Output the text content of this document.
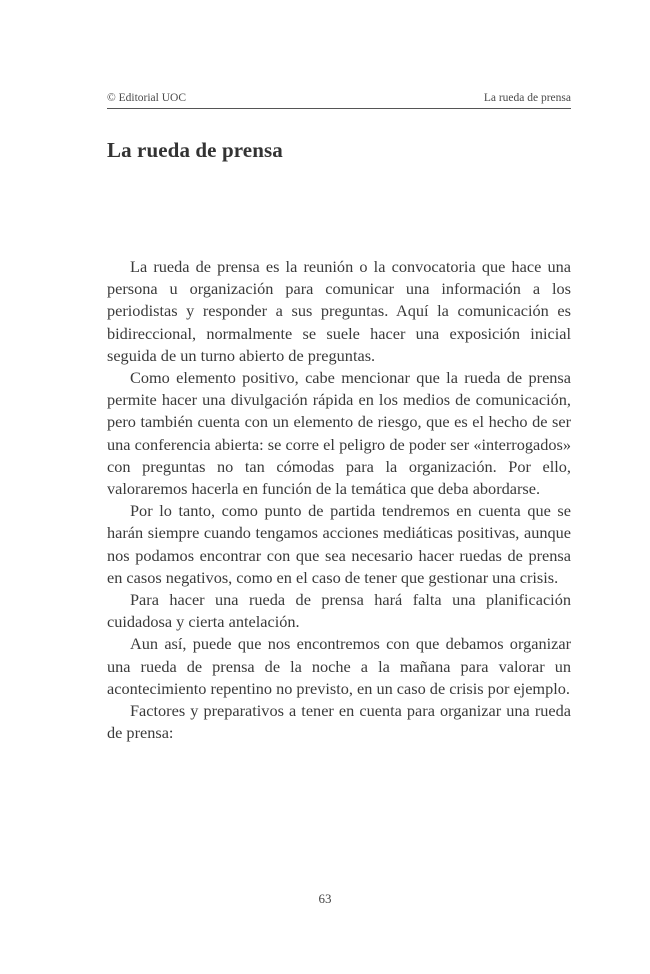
© Editorial UOC	La rueda de prensa
La rueda de prensa

La rueda de prensa es la reunión o la convocatoria que hace una persona u organización para comunicar una información a los periodistas y responder a sus preguntas. Aquí la comunicación es bidireccional, normalmente se suele hacer una exposición inicial seguida de un turno abierto de preguntas.

Como elemento positivo, cabe mencionar que la rueda de prensa permite hacer una divulgación rápida en los medios de comunicación, pero también cuenta con un elemento de riesgo, que es el hecho de ser una conferencia abierta: se corre el peligro de poder ser «interrogados» con preguntas no tan cómodas para la organización. Por ello, valoraremos hacerla en función de la temática que deba abordarse.

Por lo tanto, como punto de partida tendremos en cuenta que se harán siempre cuando tengamos acciones mediáticas positivas, aunque nos podamos encontrar con que sea necesario hacer ruedas de prensa en casos negativos, como en el caso de tener que gestionar una crisis.

Para hacer una rueda de prensa hará falta una planificación cuidadosa y cierta antelación.

Aun así, puede que nos encontremos con que debamos organizar una rueda de prensa de la noche a la mañana para valorar un acontecimiento repentino no previsto, en un caso de crisis por ejemplo.

Factores y preparativos a tener en cuenta para organizar una rueda de prensa:

63
